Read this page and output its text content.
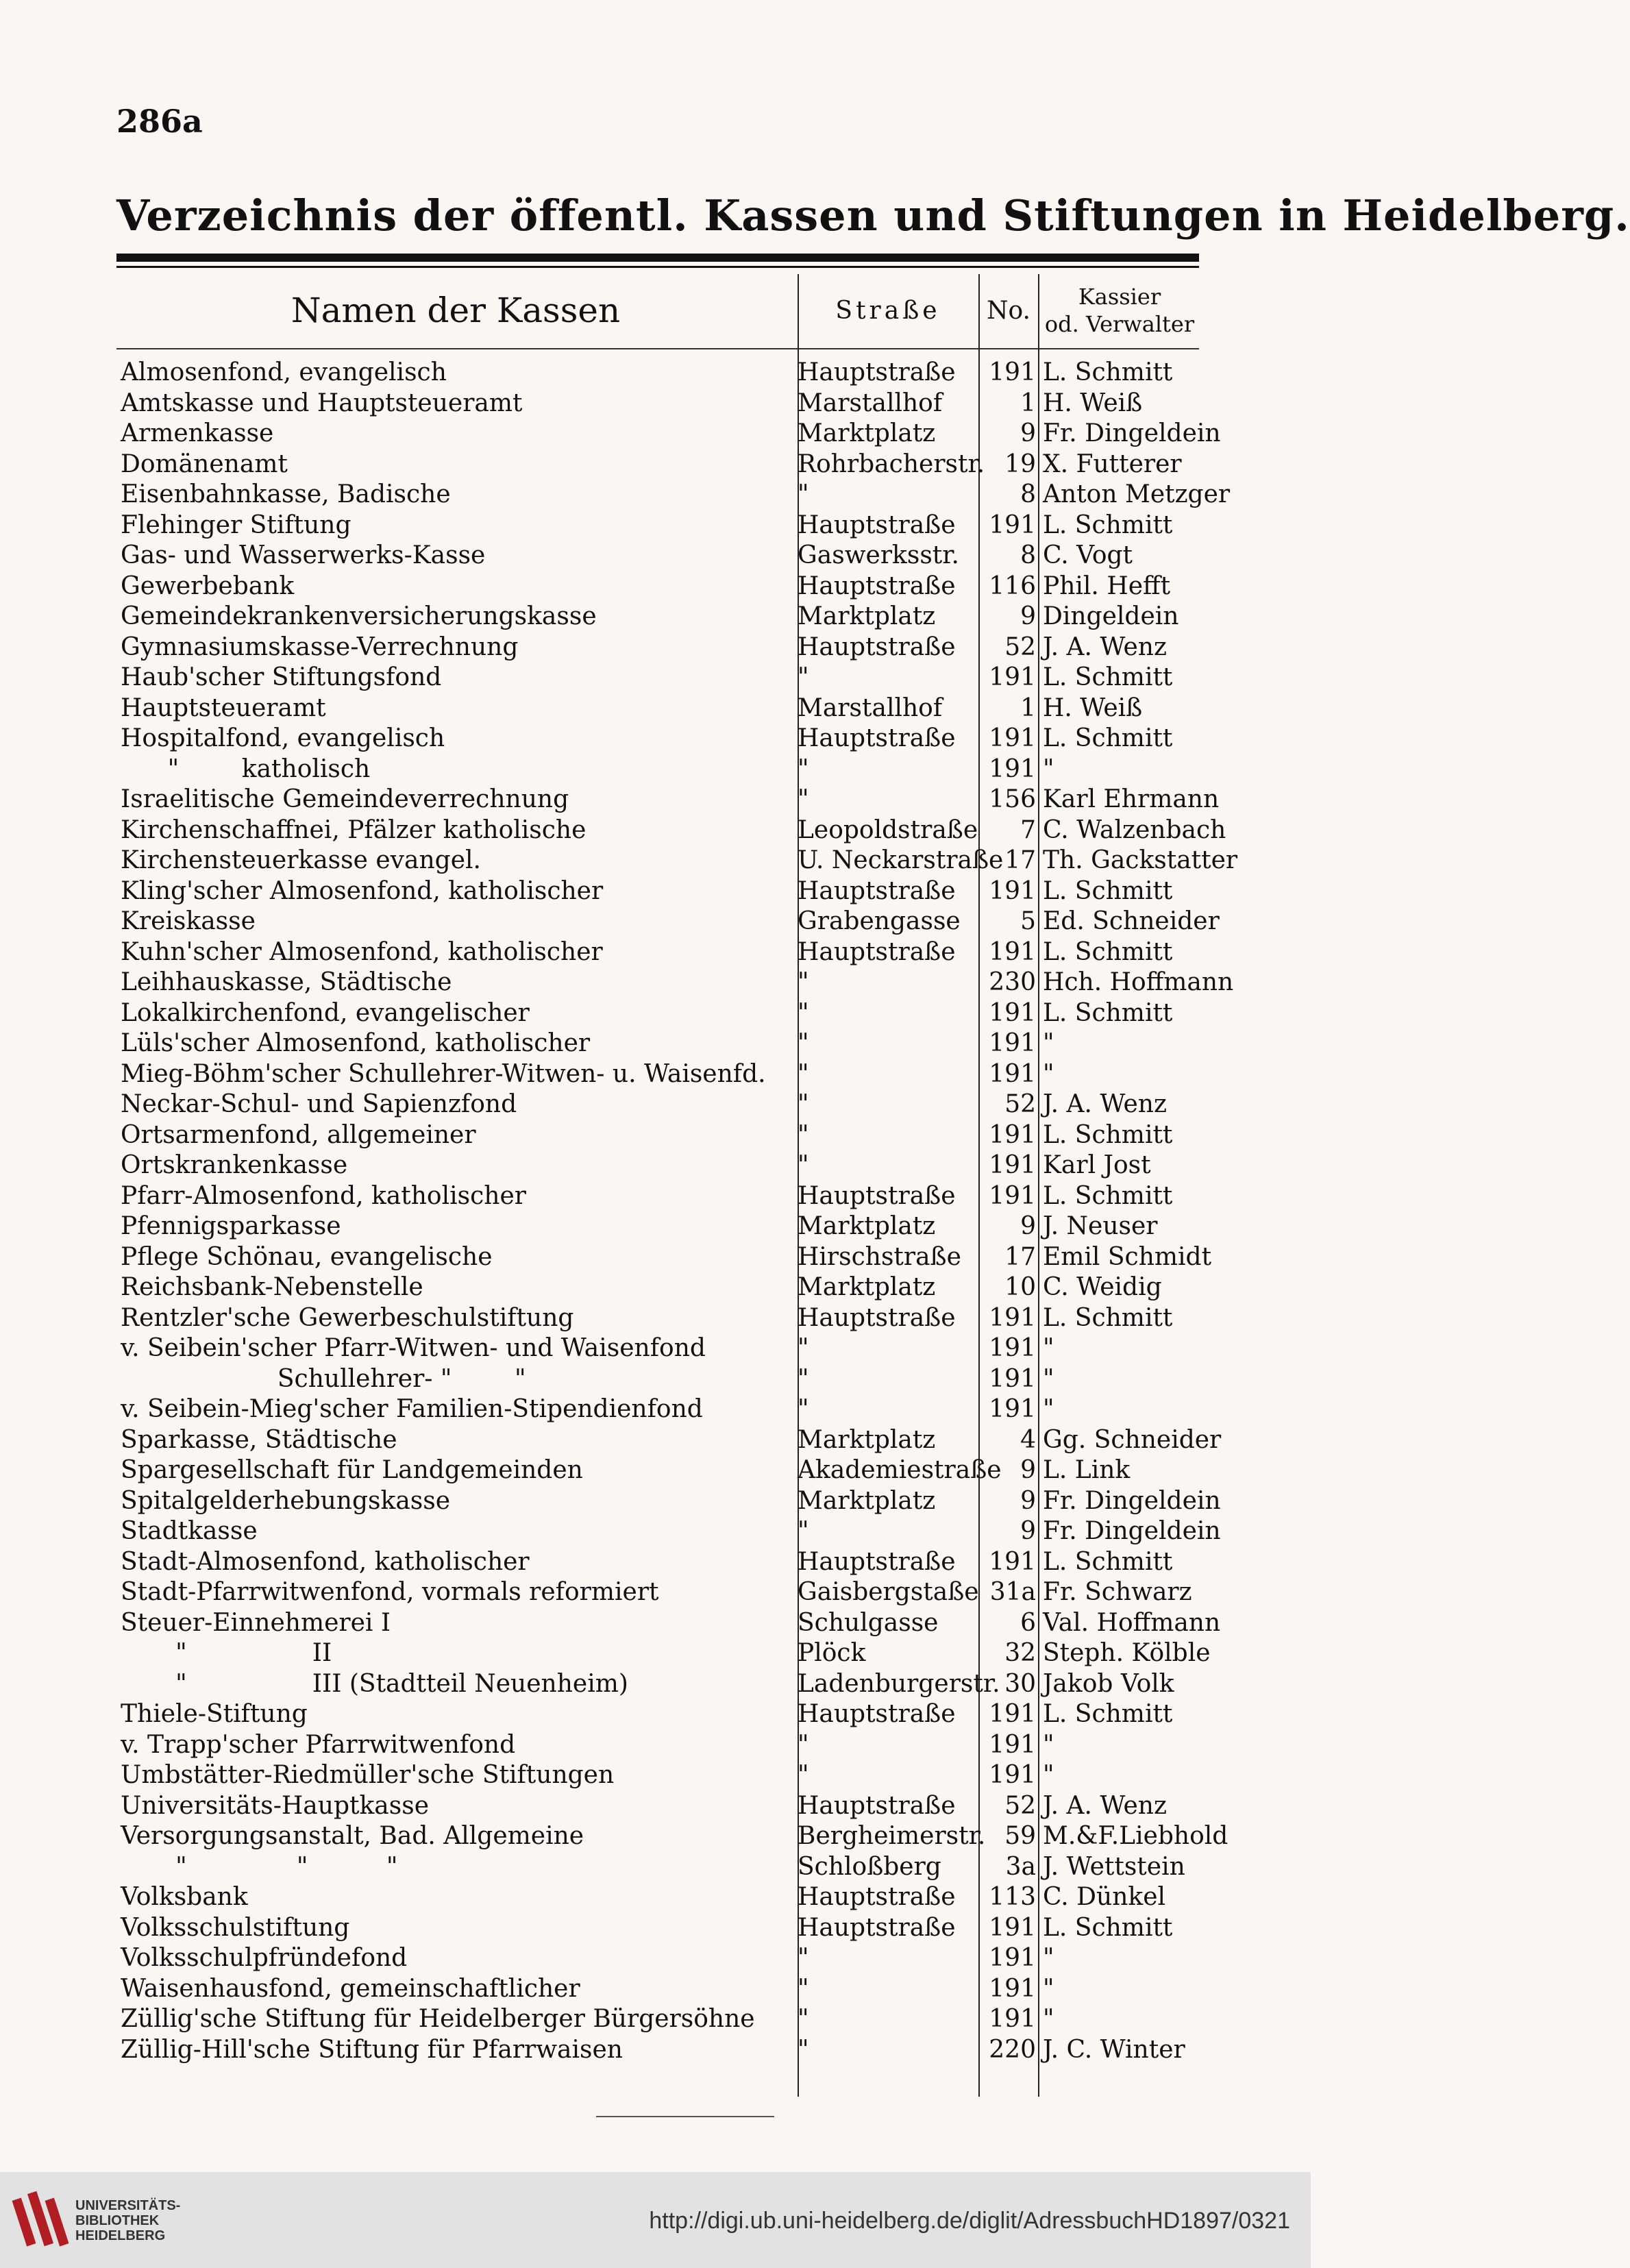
286a
Verzeichnis der öffentl. Kassen und Stiftungen in Heidelberg.
Namen der Kassen	Straße	No.	Kassier
od. Verwalter
Almosenfond, evangelisch	Hauptstraße	191 L. Schmitt
Amtskasse und Hauptsteueramt	Marstallhof	1 H. Weiß
Armenkasse	Marktplatz	9 Fr. Dingeldein
Domänenamt	Rohrbacherstr. 19 X. Futterer
Eisenbahnkasse, Badische	"	8 Anton Metzger
Flehinger Stiftung	Hauptstraße	191 L. Schmitt
Gas- und Wasserwerks-Kasse	Gaswerksstr.	8 C. Vogt
Gewerbebank	Hauptstraße	116 Phil. Hefft
Gemeindekrankenversicherungskasse	Marktplatz	9 Dingeldein
Gymnasiumskasse-Verrechnung	Hauptstraße	52 J. A. Wenz
Haub'scher Stiftungsfond	"	191 L. Schmitt
Hauptsteueramt	Marstallhof	1 H. Weiß
Hospitalfond, evangelisch	Hauptstraße	191 L. Schmitt
"        katholisch	"	191 "
Israelitische Gemeindeverrechnung	"	156 Karl Ehrmann
Kirchenschaffnei, Pfälzer katholische	Leopoldstraße	7 C. Walzenbach
Kirchensteuerkasse evangel.	U. Neckarstraße 17 Th. Gackstatter
Kling'scher Almosenfond, katholischer	Hauptstraße	191 L. Schmitt
Kreiskasse	Grabengasse	5 Ed. Schneider
Kuhn'scher Almosenfond, katholischer	Hauptstraße	191 L. Schmitt
Leihhauskasse, Städtische	"	230 Hch. Hoffmann
Lokalkirchenfond, evangelischer	"	191 L. Schmitt
Lüls'scher Almosenfond, katholischer	"	191 "
Mieg-Böhm'scher Schullehrer-Witwen- u. Waisenfd.	"	191 "
Neckar-Schul- und Sapienzfond	"	52 J. A. Wenz
Ortsarmenfond, allgemeiner	"	191 L. Schmitt
Ortskrankenkasse	"	191 Karl Jost
Pfarr-Almosenfond, katholischer	Hauptstraße	191 L. Schmitt
Pfennigsparkasse	Marktplatz	9 J. Neuser
Pflege Schönau, evangelische	Hirschstraße	17 Emil Schmidt
Reichsbank-Nebenstelle	Marktplatz	10 C. Weidig
Rentzler'sche Gewerbeschulstiftung	Hauptstraße	191 L. Schmitt
v. Seibein'scher Pfarr-Witwen- und Waisenfond	"	191 "
Schullehrer- "        "	"	191 "
v. Seibein-Mieg'scher Familien-Stipendienfond	"	191 "
Sparkasse, Städtische	Marktplatz	4 Gg. Schneider
Spargesellschaft für Landgemeinden	Akademiestraße 9 L. Link
Spitalgelderhebungskasse	Marktplatz	9 Fr. Dingeldein
Stadtkasse	"	9 Fr. Dingeldein
Stadt-Almosenfond, katholischer	Hauptstraße	191 L. Schmitt
Stadt-Pfarrwitwenfond, vormals reformiert	Gaisbergstaße 31a Fr. Schwarz
Steuer-Einnehmerei I	Schulgasse	6 Val. Hoffmann
"                II	Plöck	32 Steph. Kölble
"                III (Stadtteil Neuenheim)	Ladenburgerstr. 30 Jakob Volk
Thiele-Stiftung	Hauptstraße	191 L. Schmitt
v. Trapp'scher Pfarrwitwenfond	"	191 "
Umbstätter-Riedmüller'sche Stiftungen	"	191 "
Universitäts-Hauptkasse	Hauptstraße	52 J. A. Wenz
Versorgungsanstalt, Bad. Allgemeine	Bergheimerstr. 59 M.&F.Liebhold
"              "          "	Schloßberg	3a J. Wettstein
Volksbank	Hauptstraße	113 C. Dünkel
Volksschulstiftung	Hauptstraße	191 L. Schmitt
Volksschulpfründefond	"	191 "
Waisenhausfond, gemeinschaftlicher	"	191 "
Züllig'sche Stiftung für Heidelberger Bürgersöhne	"	191 "
Züllig-Hill'sche Stiftung für Pfarrwaisen	"	220 J. C. Winter
UNIVERSITÄTS-
BIBLIOTHEK
HEIDELBERG
http://digi.ub.uni-heidelberg.de/diglit/AdressbuchHD1897/0321
